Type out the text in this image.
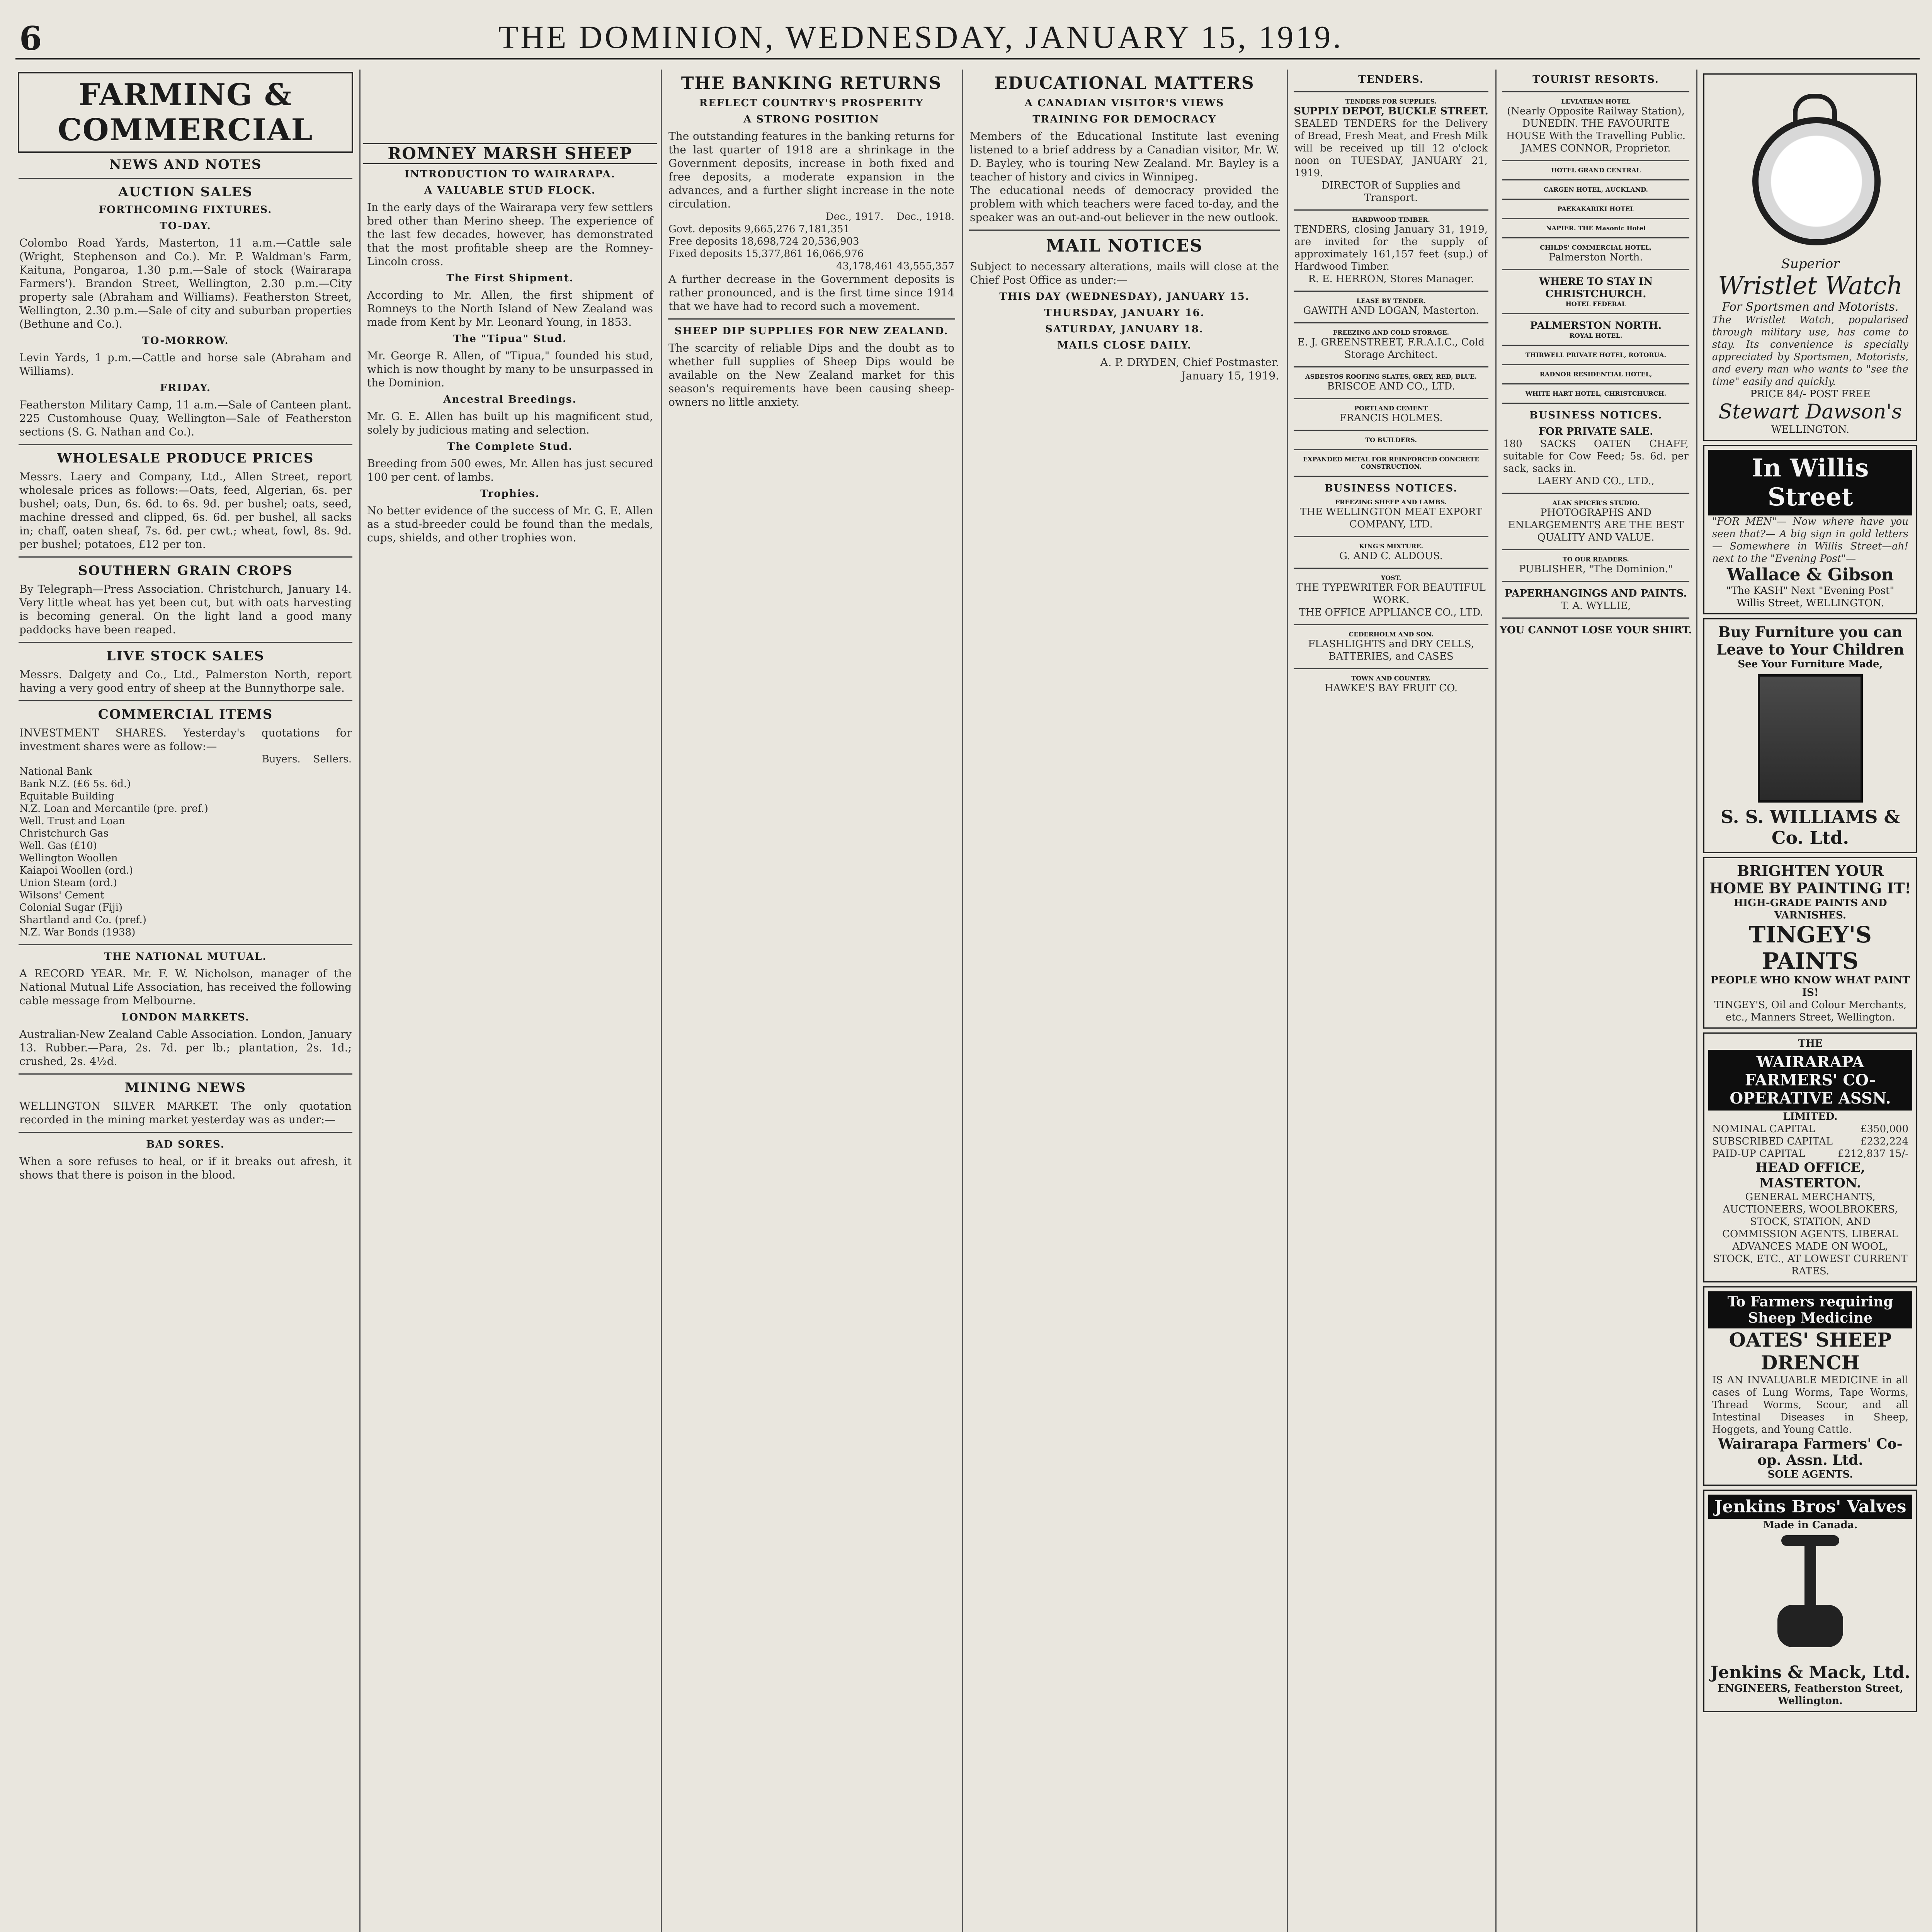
6	THE DOMINION, WEDNESDAY, JANUARY 15, 1919.
FARMING & COMMERCIAL
NEWS AND NOTES
AUCTION SALES
FORTHCOMING FIXTURES.
TO-DAY.
Colombo Road Yards, Masterton, 11 a.m.—Cattle sale (Wright, Stephenson and Co.). Mr. P. Waldman's Farm, Kaituna, Pongaroa, 1.30 p.m.—Sale of stock (Wairarapa Farmers'). Brandon Street, Wellington, 2.30 p.m.—City property sale (Abraham and Williams). Featherston Street, Wellington, 2.30 p.m.—Sale of city and suburban properties (Bethune and Co.).
TO-MORROW.
Levin Yards, 1 p.m.—Cattle and horse sale (Abraham and Williams).
FRIDAY.
Featherston Military Camp, 11 a.m.—Sale of Canteen plant. 225 Customhouse Quay, Wellington—Sale of Featherston sections (S. G. Nathan and Co.).
WHOLESALE PRODUCE PRICES
Messrs. Laery and Company, Ltd., Allen Street, report wholesale prices as follows:—Oats, feed, Algerian, 6s. per bushel; oats, Dun, 6s. 6d. to 6s. 9d. per bushel; oats, seed, machine dressed and clipped, 6s. 6d. per bushel, all sacks in; chaff, oaten sheaf, 7s. 6d. per cwt.; wheat, fowl, 8s. 9d. per bushel; potatoes, £12 per ton.
SOUTHERN GRAIN CROPS
By Telegraph—Press Association. Christchurch, January 14. Very little wheat has yet been cut, but with oats harvesting is becoming general. On the light land a good many paddocks have been reaped.
LIVE STOCK SALES
Messrs. Dalgety and Co., Ltd., Palmerston North, report having a very good entry of sheep at the Bunnythorpe sale.
COMMERCIAL ITEMS
INVESTMENT SHARES. Yesterday's quotations for investment shares were as follow:—
Buyers. Sellers.
National Bank
Bank N.Z. (£6 5s. 6d.)
Equitable Building
N.Z. Loan and Mercantile (pre. pref.)
Well. Trust and Loan
Christchurch Gas
Well. Gas (£10)
Wellington Woollen
Kaiapoi Woollen (ord.)
Union Steam (ord.)
Wilsons' Cement
Colonial Sugar (Fiji)
Shartland and Co. (pref.)
N.Z. War Bonds (1938)
THE NATIONAL MUTUAL.
A RECORD YEAR. Mr. F. W. Nicholson, manager of the National Mutual Life Association, has received the following cable message from Melbourne.
LONDON MARKETS.
Australian-New Zealand Cable Association. London, January 13. Rubber.—Para, 2s. 7d. per lb.; plantation, 2s. 1d.; crushed, 2s. 4½d.
MINING NEWS
WELLINGTON SILVER MARKET. The only quotation recorded in the mining market yesterday was as under:—
BAD SORES.
When a sore refuses to heal, or if it breaks out afresh, it shows that there is poison in the blood.
ROMNEY MARSH SHEEP
INTRODUCTION TO WAIRARAPA.
A VALUABLE STUD FLOCK.
In the early days of the Wairarapa very few settlers bred other than Merino sheep. The experience of the last few decades, however, has demonstrated that the most profitable sheep are the Romney-Lincoln cross.
The First Shipment.
According to Mr. Allen, the first shipment of Romneys to the North Island of New Zealand was made from Kent by Mr. Leonard Young, in 1853.
The "Tipua" Stud.
Mr. George R. Allen, of "Tipua," founded his stud, which is now thought by many to be unsurpassed in the Dominion.
Ancestral Breedings.
Mr. G. E. Allen has built up his magnificent stud, solely by judicious mating and selection.
The Complete Stud.
Breeding from 500 ewes, Mr. Allen has just secured 100 per cent. of lambs.
Trophies.
No better evidence of the success of Mr. G. E. Allen as a stud-breeder could be found than the medals, cups, shields, and other trophies won.
THE BANKING RETURNS
REFLECT COUNTRY'S PROSPERITY
A STRONG POSITION
The outstanding features in the banking returns for the last quarter of 1918 are a shrinkage in the Government deposits, increase in both fixed and free deposits, a moderate expansion in the advances, and a further slight increase in the note circulation.
Dec., 1917. Dec., 1918.
Govt. deposits 9,665,276 7,181,351
Free deposits 18,698,724 20,536,903
Fixed deposits 15,377,861 16,066,976
43,178,461 43,555,357
A further decrease in the Government deposits is rather pronounced, and is the first time since 1914 that we have had to record such a movement.
SHEEP DIP SUPPLIES FOR NEW ZEALAND.
The scarcity of reliable Dips and the doubt as to whether full supplies of Sheep Dips would be available on the New Zealand market for this season's requirements have been causing sheep-owners no little anxiety.
EDUCATIONAL MATTERS
A CANADIAN VISITOR'S VIEWS
TRAINING FOR DEMOCRACY
Members of the Educational Institute last evening listened to a brief address by a Canadian visitor, Mr. W. D. Bayley, who is touring New Zealand. Mr. Bayley is a teacher of history and civics in Winnipeg.
The educational needs of democracy provided the problem with which teachers were faced to-day, and the speaker was an out-and-out believer in the new outlook.
MAIL NOTICES
Subject to necessary alterations, mails will close at the Chief Post Office as under:—
THIS DAY (WEDNESDAY), JANUARY 15.
THURSDAY, JANUARY 16.
SATURDAY, JANUARY 18.
MAILS CLOSE DAILY.
A. P. DRYDEN, Chief Postmaster.
January 15, 1919.
TENDERS.
TENDERS FOR SUPPLIES.
SUPPLY DEPOT, BUCKLE STREET.
SEALED TENDERS for the Delivery of Bread, Fresh Meat, and Fresh Milk will be received up till 12 o'clock noon on TUESDAY, JANUARY 21, 1919.
DIRECTOR of Supplies and Transport.
HARDWOOD TIMBER.
TENDERS, closing January 31, 1919, are invited for the supply of approximately 161,157 feet (sup.) of Hardwood Timber.
R. E. HERRON, Stores Manager.
LEASE BY TENDER.
GAWITH AND LOGAN, Masterton.
FREEZING AND COLD STORAGE.
E. J. GREENSTREET, F.R.A.I.C., Cold Storage Architect.
ASBESTOS ROOFING SLATES, GREY, RED, BLUE.
BRISCOE AND CO., LTD.
PORTLAND CEMENT
FRANCIS HOLMES.
TO BUILDERS.
EXPANDED METAL FOR REINFORCED CONCRETE CONSTRUCTION.
BUSINESS NOTICES.
FREEZING SHEEP AND LAMBS.
THE WELLINGTON MEAT EXPORT COMPANY, LTD.
KING'S MIXTURE.
G. AND C. ALDOUS.
YOST.
THE TYPEWRITER FOR BEAUTIFUL WORK.
THE OFFICE APPLIANCE CO., LTD.
CEDERHOLM AND SON.
FLASHLIGHTS and DRY CELLS, BATTERIES, and CASES
TOWN AND COUNTRY.
HAWKE'S BAY FRUIT CO.
TOURIST RESORTS.
LEVIATHAN HOTEL
(Nearly Opposite Railway Station), DUNEDIN. THE FAVOURITE HOUSE With the Travelling Public.
JAMES CONNOR, Proprietor.
HOTEL GRAND CENTRAL
CARGEN HOTEL, AUCKLAND.
PAEKAKARIKI HOTEL
NAPIER. THE Masonic Hotel
CHILDS' COMMERCIAL HOTEL,
Palmerston North.
WHERE TO STAY IN CHRISTCHURCH.
HOTEL FEDERAL
PALMERSTON NORTH.
ROYAL HOTEL.
THIRWELL PRIVATE HOTEL, ROTORUA.
RADNOR RESIDENTIAL HOTEL,
WHITE HART HOTEL, CHRISTCHURCH.
BUSINESS NOTICES.
FOR PRIVATE SALE.
180 SACKS OATEN CHAFF, suitable for Cow Feed; 5s. 6d. per sack, sacks in.
LAERY AND CO., LTD.,
ALAN SPICER'S STUDIO.
PHOTOGRAPHS AND ENLARGEMENTS ARE THE BEST QUALITY AND VALUE.
TO OUR READERS.
PUBLISHER, "The Dominion."
PAPERHANGINGS AND PAINTS.
T. A. WYLLIE,
YOU CANNOT LOSE YOUR SHIRT.
Superior
Wristlet Watch
For Sportsmen and Motorists.
The Wristlet Watch, popularised through military use, has come to stay. Its convenience is specially appreciated by Sportsmen, Motorists, and every man who wants to "see the time" easily and quickly.
PRICE 84/- POST FREE
Stewart Dawson's
WELLINGTON.
In Willis Street
"FOR MEN"— Now where have you seen that?— A big sign in gold letters— Somewhere in Willis Street—ah! next to the "Evening Post"—
Wallace & Gibson
"The KASH" Next "Evening Post"
Willis Street, WELLINGTON.
Buy Furniture you can Leave to Your Children
See Your Furniture Made,
S. S. WILLIAMS & Co. Ltd.
BRIGHTEN YOUR HOME BY PAINTING IT!
HIGH-GRADE PAINTS AND VARNISHES.
TINGEY'S PAINTS
PEOPLE WHO KNOW WHAT PAINT IS!
TINGEY'S, Oil and Colour Merchants, etc., Manners Street, Wellington.
THE
WAIRARAPA FARMERS' CO-OPERATIVE ASSN.
LIMITED.
NOMINAL CAPITAL	£350,000
SUBSCRIBED CAPITAL	£232,224
PAID-UP CAPITAL	£212,837 15/-
HEAD OFFICE, MASTERTON.
GENERAL MERCHANTS, AUCTIONEERS, WOOLBROKERS, STOCK, STATION, AND COMMISSION AGENTS. LIBERAL ADVANCES MADE ON WOOL, STOCK, ETC., AT LOWEST CURRENT RATES.
To Farmers requiring Sheep Medicine
OATES' SHEEP DRENCH
IS AN INVALUABLE MEDICINE in all cases of Lung Worms, Tape Worms, Thread Worms, Scour, and all Intestinal Diseases in Sheep, Hoggets, and Young Cattle.
Wairarapa Farmers' Co-op. Assn. Ltd.
SOLE AGENTS.
Jenkins Bros' Valves
Made in Canada.
Jenkins & Mack, Ltd.
ENGINEERS, Featherston Street, Wellington.
